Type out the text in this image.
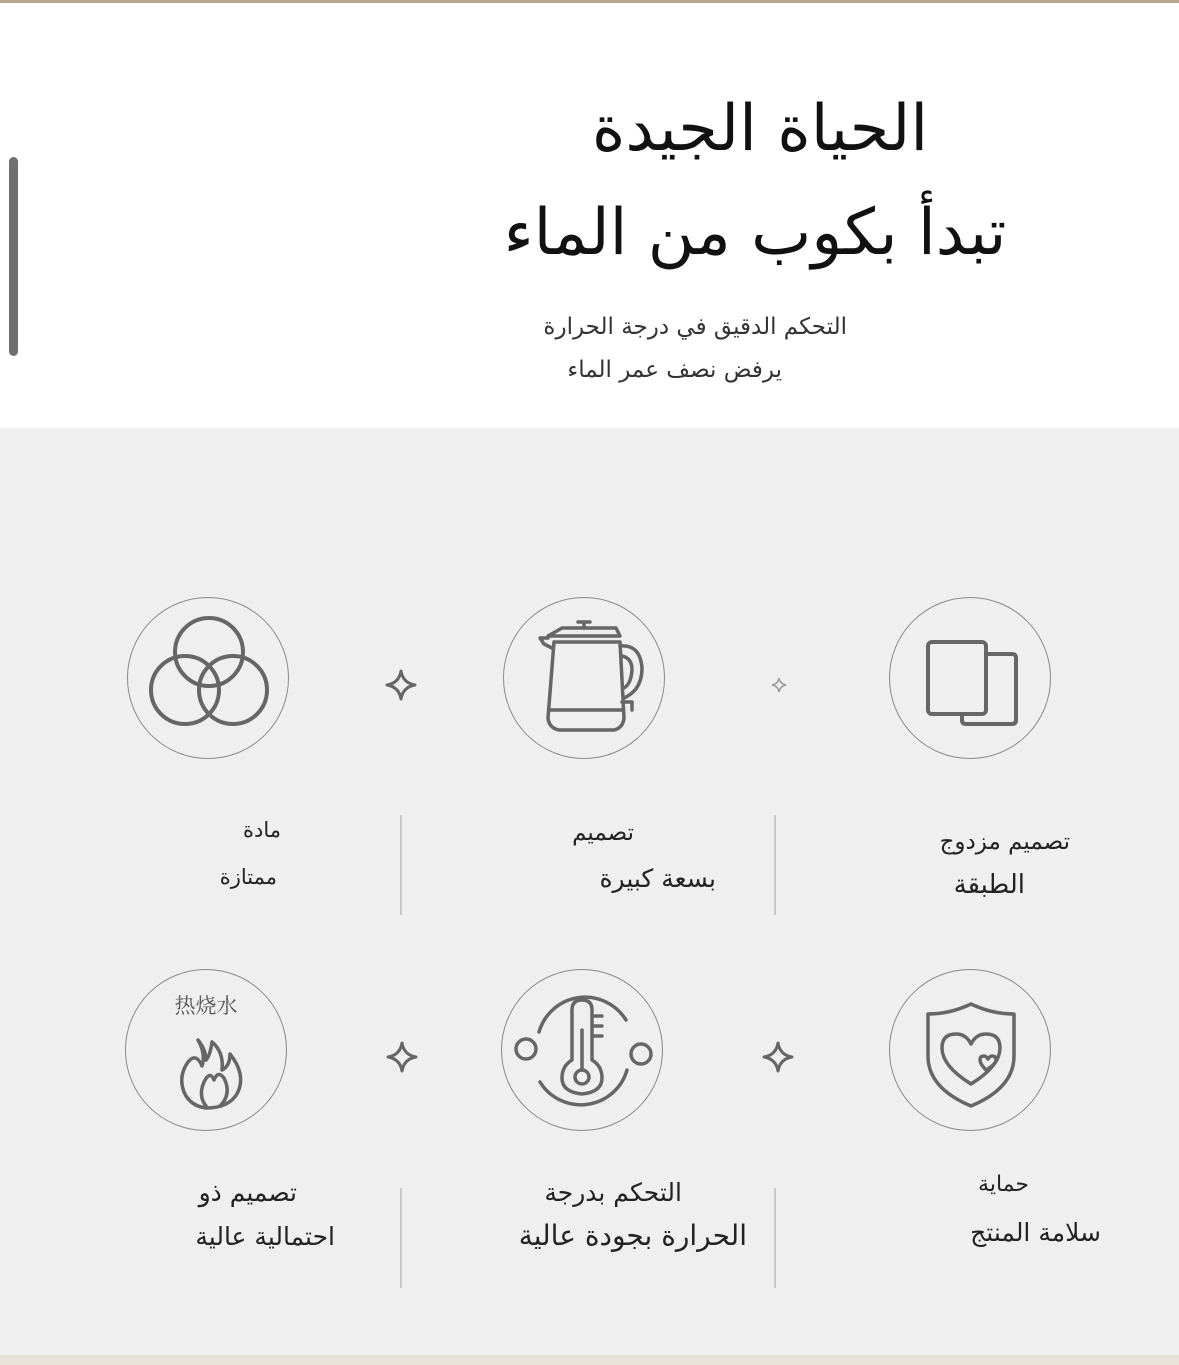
الحياة الجيدة
تبدأ بكوب من الماء
التحكم الدقيق في درجة الحرارة
يرفض نصف عمر الماء
مادة
ممتازة
تصميم
بسعة كبيرة
تصميم مزدوج
الطبقة
热烧水
تصميم ذو
احتمالية عالية
التحكم بدرجة
الحرارة بجودة عالية
حماية
سلامة المنتج
